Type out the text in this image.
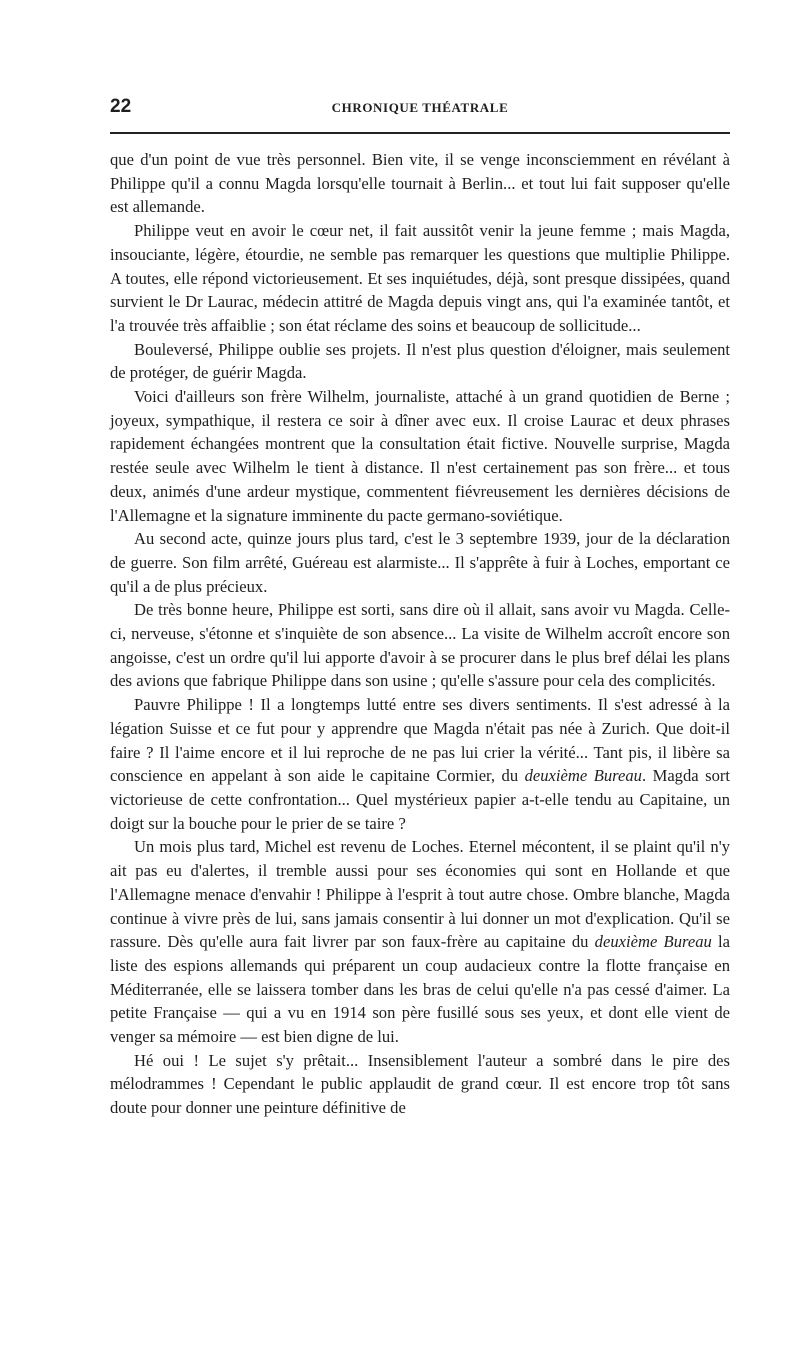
22	CHRONIQUE THÉATRALE

que d'un point de vue très personnel. Bien vite, il se venge inconsciemment en révélant à Philippe qu'il a connu Magda lorsqu'elle tournait à Berlin... et tout lui fait supposer qu'elle est allemande.

Philippe veut en avoir le cœur net, il fait aussitôt venir la jeune femme ; mais Magda, insouciante, légère, étourdie, ne semble pas remarquer les questions que multiplie Philippe. A toutes, elle répond victorieusement. Et ses inquiétudes, déjà, sont presque dissipées, quand survient le Dr Laurac, médecin attitré de Magda depuis vingt ans, qui l'a examinée tantôt, et l'a trouvée très affaiblie ; son état réclame des soins et beaucoup de sollicitude...

Bouleversé, Philippe oublie ses projets. Il n'est plus question d'éloigner, mais seulement de protéger, de guérir Magda.

Voici d'ailleurs son frère Wilhelm, journaliste, attaché à un grand quotidien de Berne ; joyeux, sympathique, il restera ce soir à dîner avec eux. Il croise Laurac et deux phrases rapidement échangées montrent que la consultation était fictive. Nouvelle surprise, Magda restée seule avec Wilhelm le tient à distance. Il n'est certainement pas son frère... et tous deux, animés d'une ardeur mystique, commentent fiévreusement les dernières décisions de l'Allemagne et la signature imminente du pacte germano-soviétique.

Au second acte, quinze jours plus tard, c'est le 3 septembre 1939, jour de la déclaration de guerre. Son film arrêté, Guéreau est alarmiste... Il s'apprête à fuir à Loches, emportant ce qu'il a de plus précieux.

De très bonne heure, Philippe est sorti, sans dire où il allait, sans avoir vu Magda. Celle-ci, nerveuse, s'étonne et s'inquiète de son absence... La visite de Wilhelm accroît encore son angoisse, c'est un ordre qu'il lui apporte d'avoir à se procurer dans le plus bref délai les plans des avions que fabrique Philippe dans son usine ; qu'elle s'assure pour cela des complicités.

Pauvre Philippe ! Il a longtemps lutté entre ses divers sentiments. Il s'est adressé à la légation Suisse et ce fut pour y apprendre que Magda n'était pas née à Zurich. Que doit-il faire ? Il l'aime encore et il lui reproche de ne pas lui crier la vérité... Tant pis, il libère sa conscience en appelant à son aide le capitaine Cormier, du deuxième Bureau. Magda sort victorieuse de cette confrontation... Quel mystérieux papier a-t-elle tendu au Capitaine, un doigt sur la bouche pour le prier de se taire ?

Un mois plus tard, Michel est revenu de Loches. Eternel mécontent, il se plaint qu'il n'y ait pas eu d'alertes, il tremble aussi pour ses économies qui sont en Hollande et que l'Allemagne menace d'envahir ! Philippe à l'esprit à tout autre chose. Ombre blanche, Magda continue à vivre près de lui, sans jamais consentir à lui donner un mot d'explication. Qu'il se rassure. Dès qu'elle aura fait livrer par son faux-frère au capitaine du deuxième Bureau la liste des espions allemands qui préparent un coup audacieux contre la flotte française en Méditerranée, elle se laissera tomber dans les bras de celui qu'elle n'a pas cessé d'aimer. La petite Française — qui a vu en 1914 son père fusillé sous ses yeux, et dont elle vient de venger sa mémoire — est bien digne de lui.

Hé oui ! Le sujet s'y prêtait... Insensiblement l'auteur a sombré dans le pire des mélodrammes ! Cependant le public applaudit de grand cœur. Il est encore trop tôt sans doute pour donner une peinture définitive de
